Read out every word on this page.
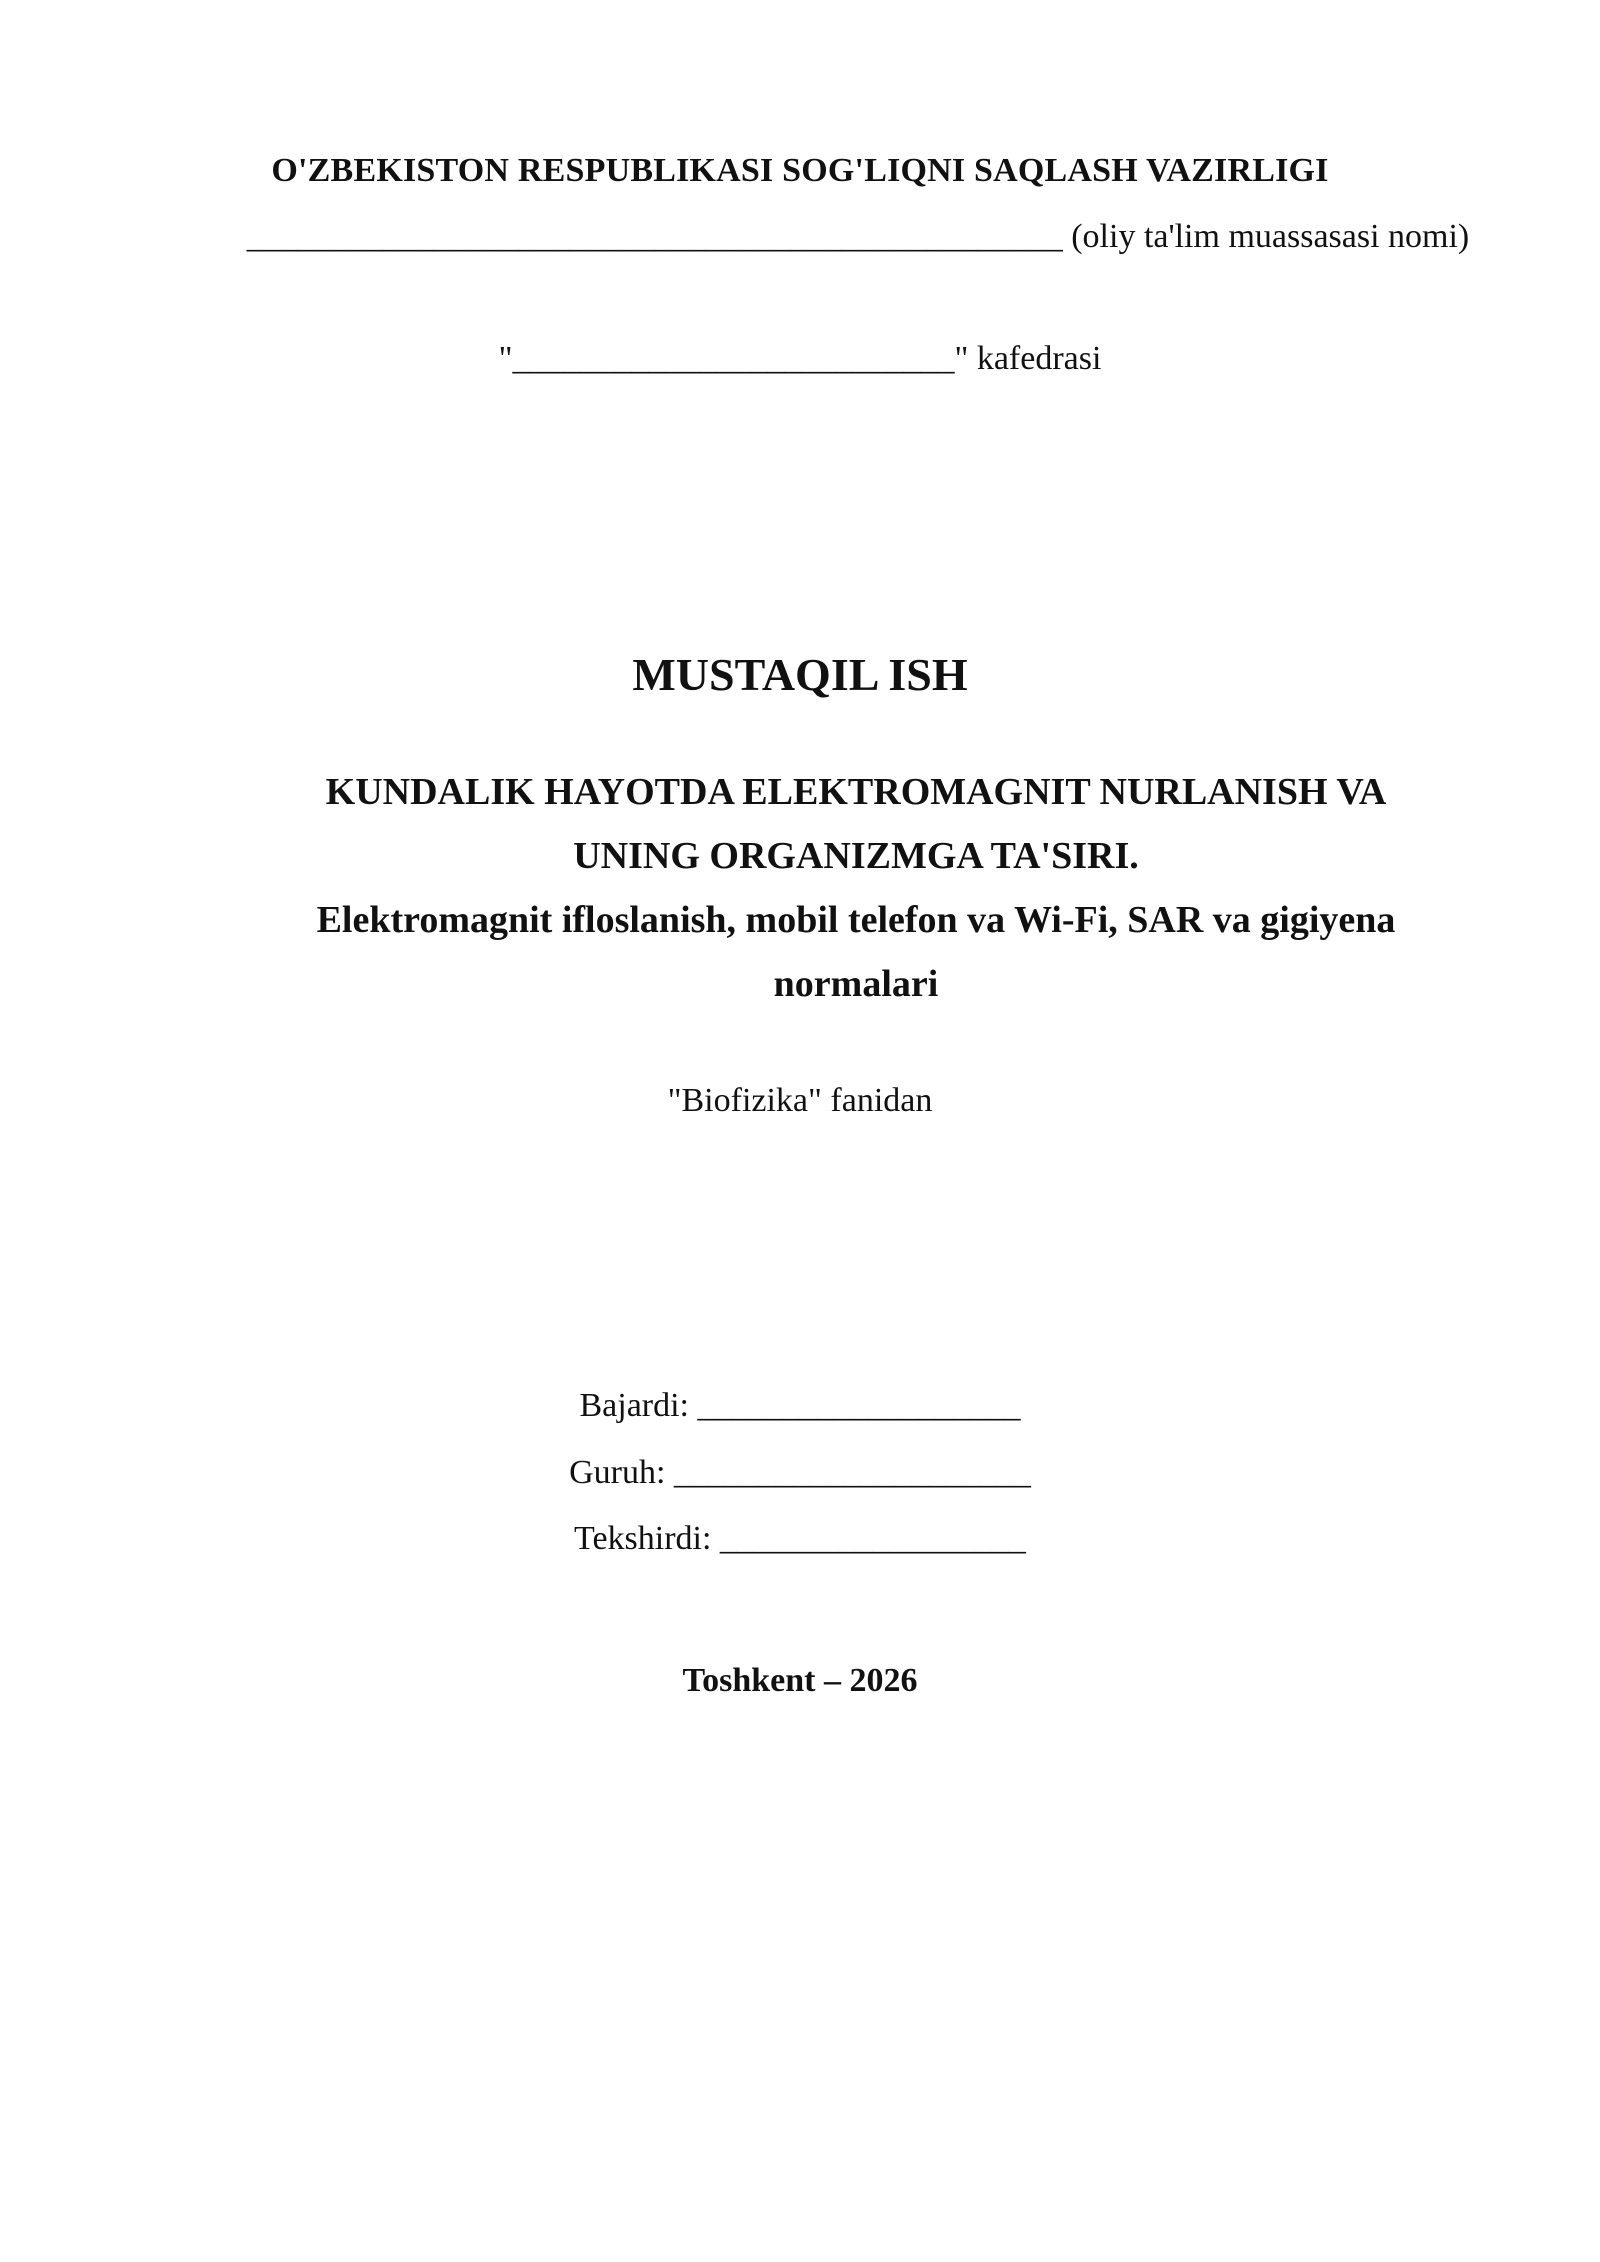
O'ZBEKISTON RESPUBLIKASI SOG'LIQNI SAQLASH VAZIRLIGI
________________________________________________ (oliy ta'lim muassasasi nomi)
"__________________________" kafedrasi
MUSTAQIL ISH
KUNDALIK HAYOTDA ELEKTROMAGNIT NURLANISH VA
UNING ORGANIZMGA TA'SIRI.
Elektromagnit ifloslanish, mobil telefon va Wi-Fi, SAR va gigiyena
normalari
"Biofizika" fanidan
Bajardi: ___________________
Guruh: _____________________
Tekshirdi: __________________
Toshkent – 2026
